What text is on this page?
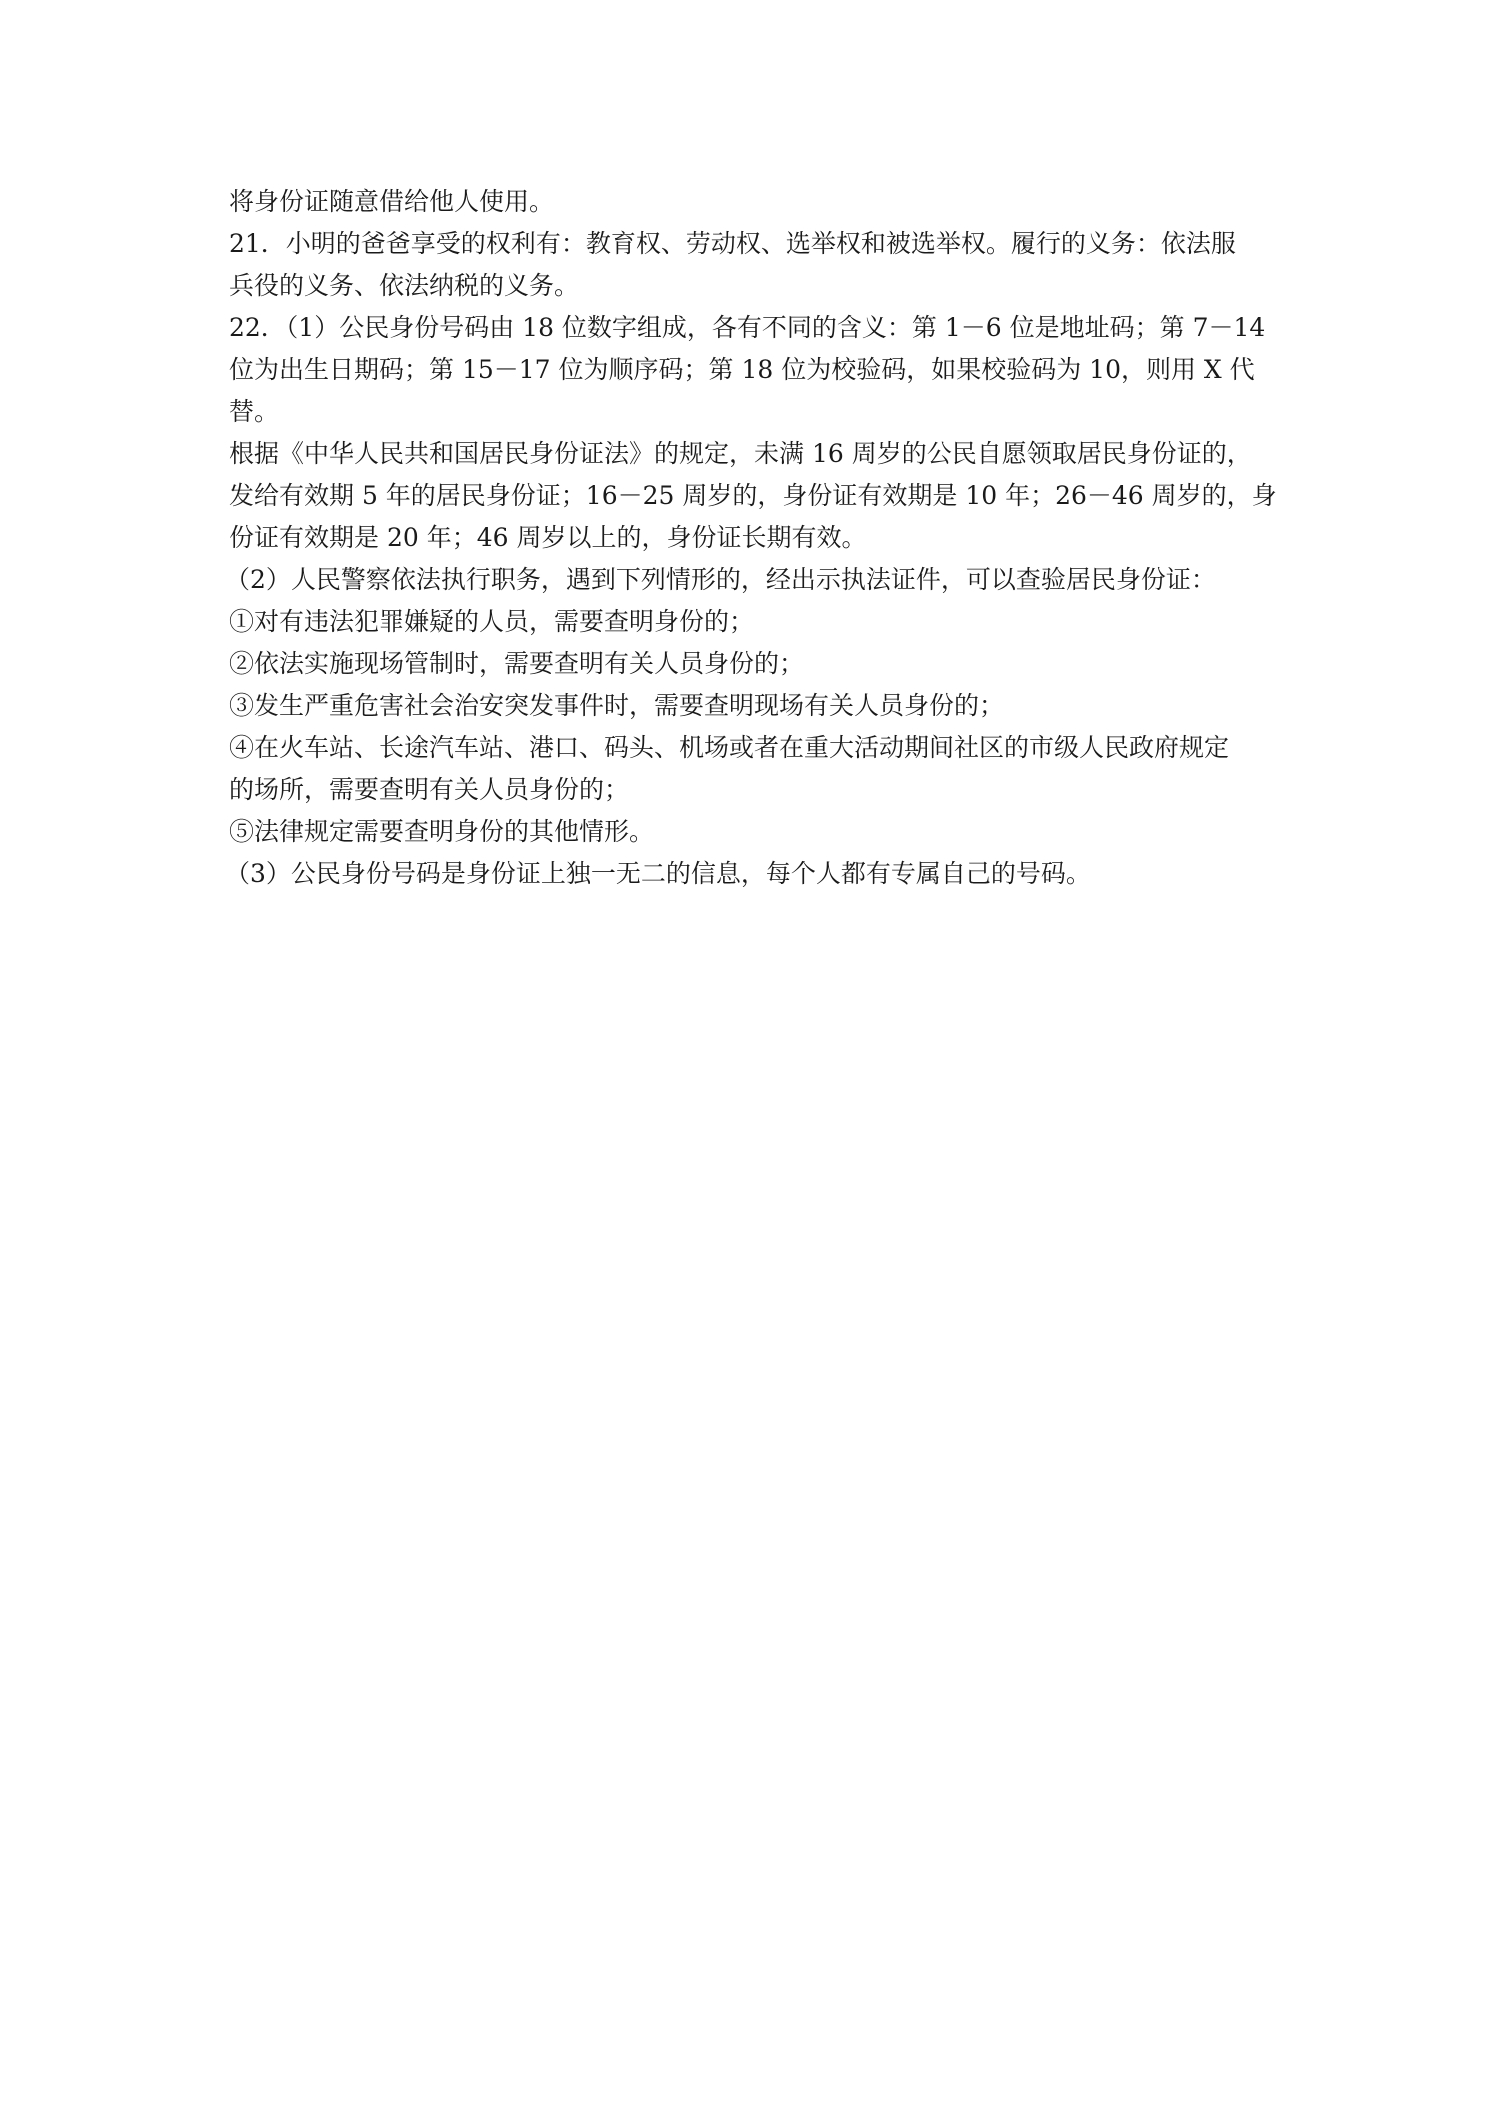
将身份证随意借给他人使用。

21．小明的爸爸享受的权利有：教育权、劳动权、选举权和被选举权。履行的义务：依法服

兵役的义务、依法纳税的义务。

22．（1）公民身份号码由 18 位数字组成，各有不同的含义：第 1－6 位是地址码；第 7－14

位为出生日期码；第 15－17 位为顺序码；第 18 位为校验码，如果校验码为 10，则用 X 代

替。

根据《中华人民共和国居民身份证法》的规定，未满 16 周岁的公民自愿领取居民身份证的，

发给有效期 5 年的居民身份证；16－25 周岁的，身份证有效期是 10 年；26－46 周岁的，身

份证有效期是 20 年；46 周岁以上的，身份证长期有效。

（2）人民警察依法执行职务，遇到下列情形的，经出示执法证件，可以查验居民身份证：

①对有违法犯罪嫌疑的人员，需要查明身份的；

②依法实施现场管制时，需要查明有关人员身份的；

③发生严重危害社会治安突发事件时，需要查明现场有关人员身份的；

④在火车站、长途汽车站、港口、码头、机场或者在重大活动期间社区的市级人民政府规定

的场所，需要查明有关人员身份的；

⑤法律规定需要查明身份的其他情形。

（3）公民身份号码是身份证上独一无二的信息，每个人都有专属自己的号码。
